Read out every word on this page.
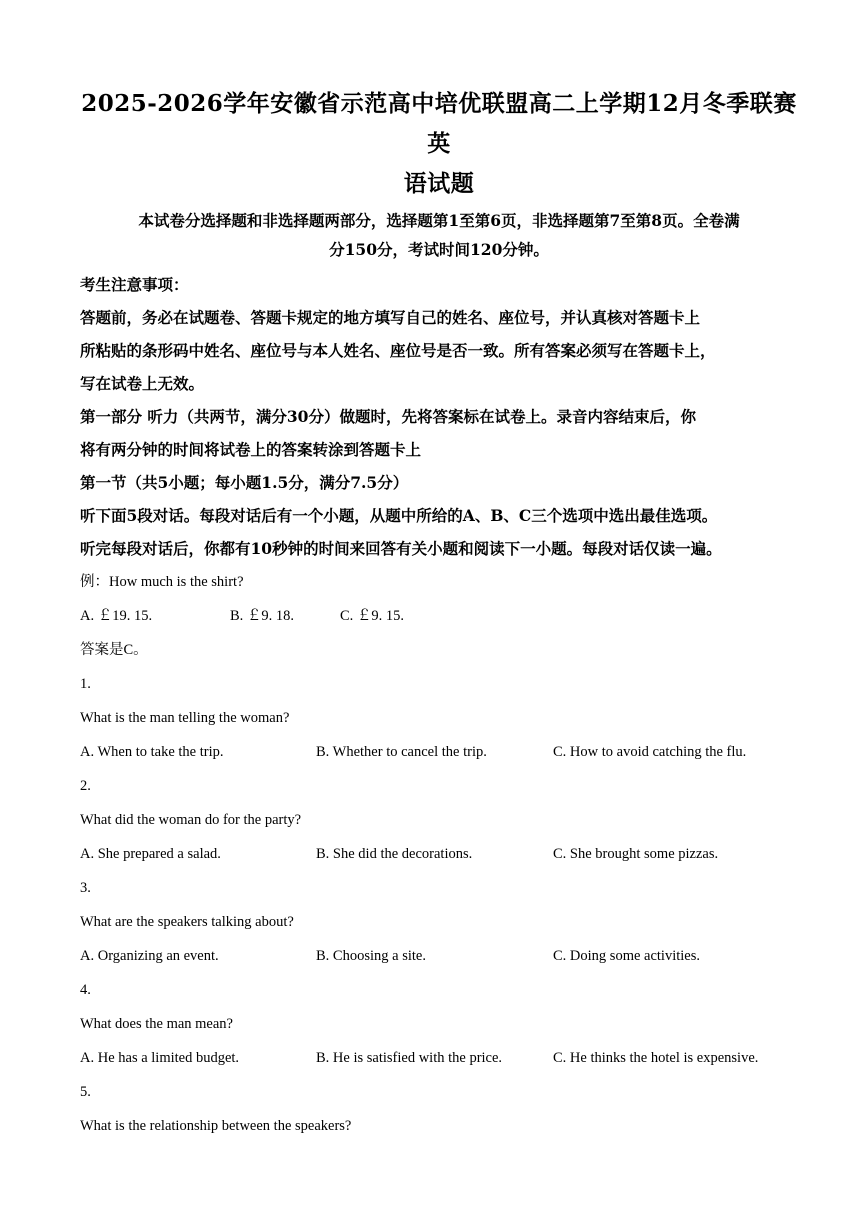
2025-2026学年安徽省示范高中培优联盟高二上学期12月冬季联赛英
语试题

本试卷分选择题和非选择题两部分，选择题第1至第6页，非选择题第7至第8页。全卷满
分150分，考试时间120分钟。

考生注意事项：

答题前，务必在试题卷、答题卡规定的地方填写自己的姓名、座位号，并认真核对答题卡上
所粘贴的条形码中姓名、座位号与本人姓名、座位号是否一致。所有答案必须写在答题卡上，
写在试卷上无效。

第一部分 听力（共两节，满分30分）做题时，先将答案标在试卷上。录音内容结束后，你
将有两分钟的时间将试卷上的答案转涂到答题卡上

第一节（共5小题；每小题1.5分，满分7.5分）

听下面5段对话。每段对话后有一个小题，从题中所给的A、B、C三个选项中选出最佳选项。
听完每段对话后，你都有10秒钟的时间来回答有关小题和阅读下一小题。每段对话仅读一遍。

例：How much is the shirt?

A. ￡19. 15.	B. ￡9. 18.	C. ￡9. 15.

答案是C。

1.

What is the man telling the woman?

A. When to take the trip.	B. Whether to cancel the trip.	C. How to avoid catching the flu.

2.

What did the woman do for the party?

A. She prepared a salad.	B. She did the decorations.	C. She brought some pizzas.

3.

What are the speakers talking about?

A. Organizing an event.	B. Choosing a site.	C. Doing some activities.

4.

What does the man mean?

A. He has a limited budget.	B. He is satisfied with the price.	C. He thinks the hotel is expensive.

5.

What is the relationship between the speakers?
